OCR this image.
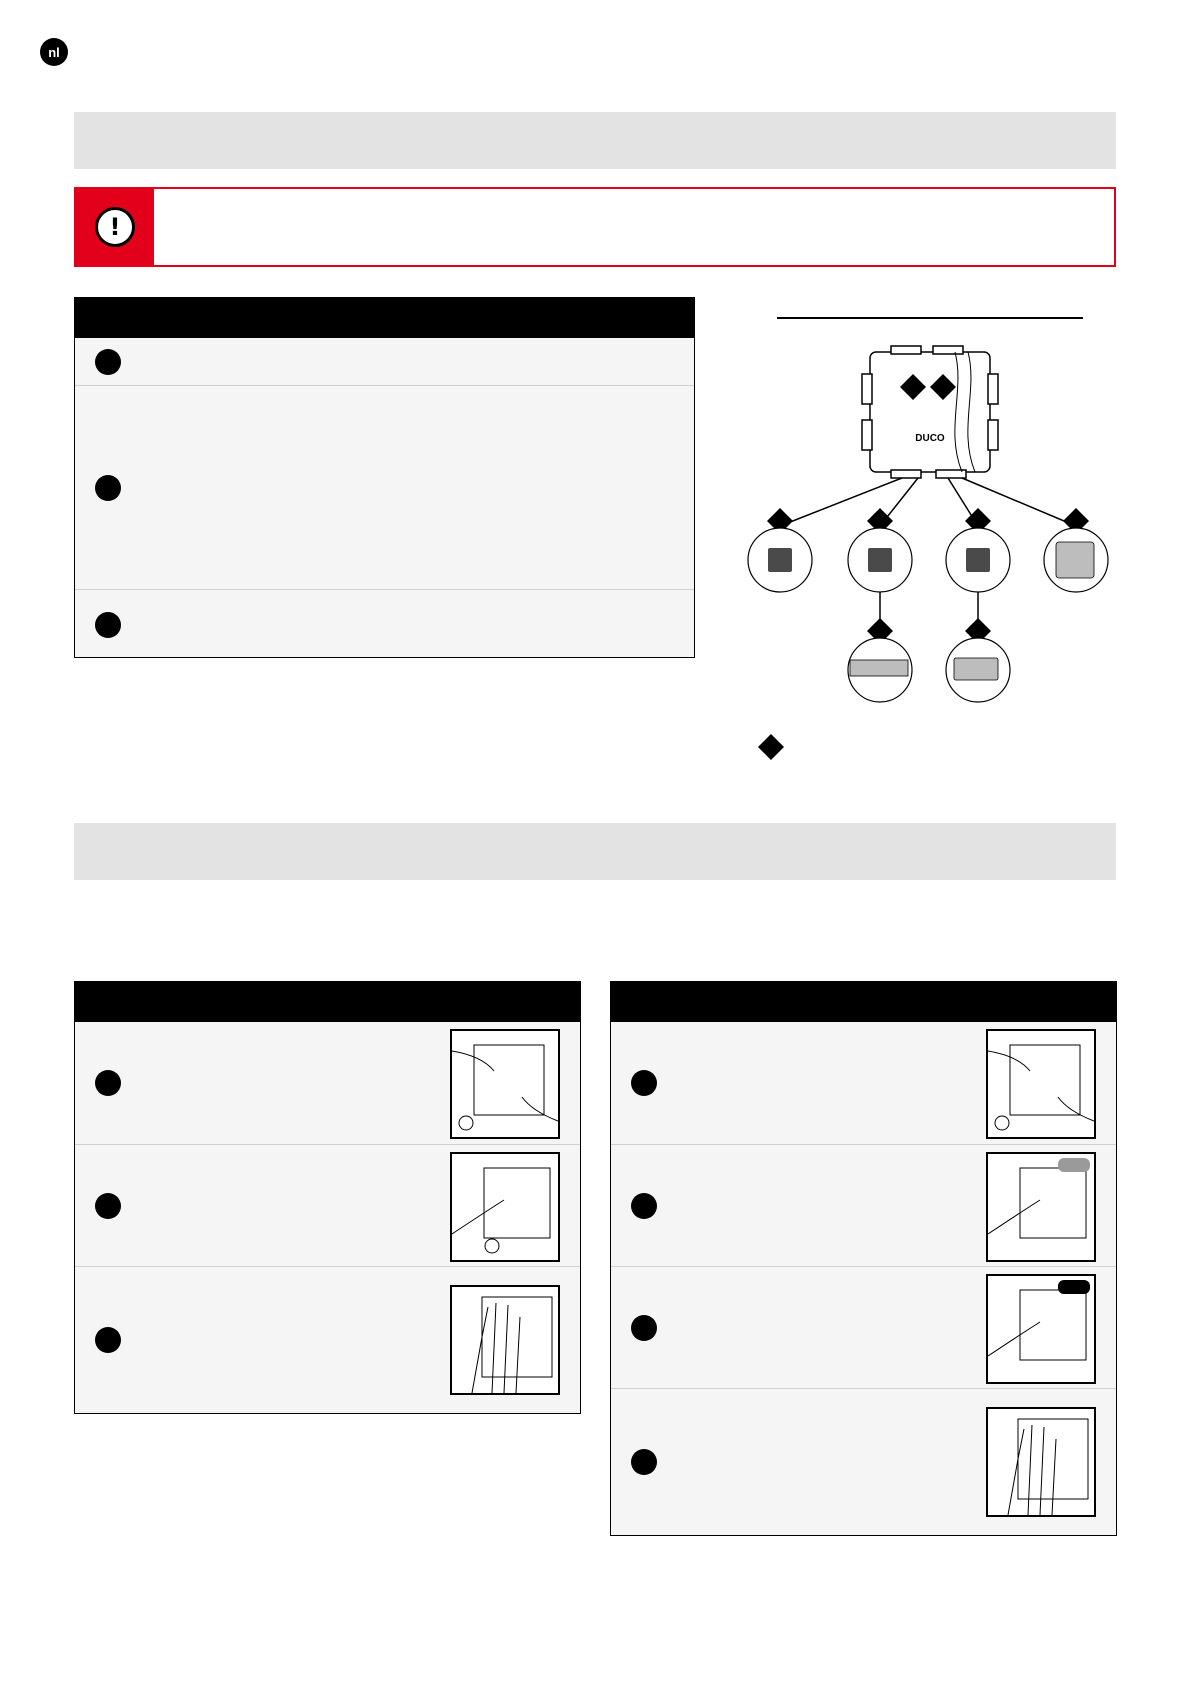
nl
!
DUCO
